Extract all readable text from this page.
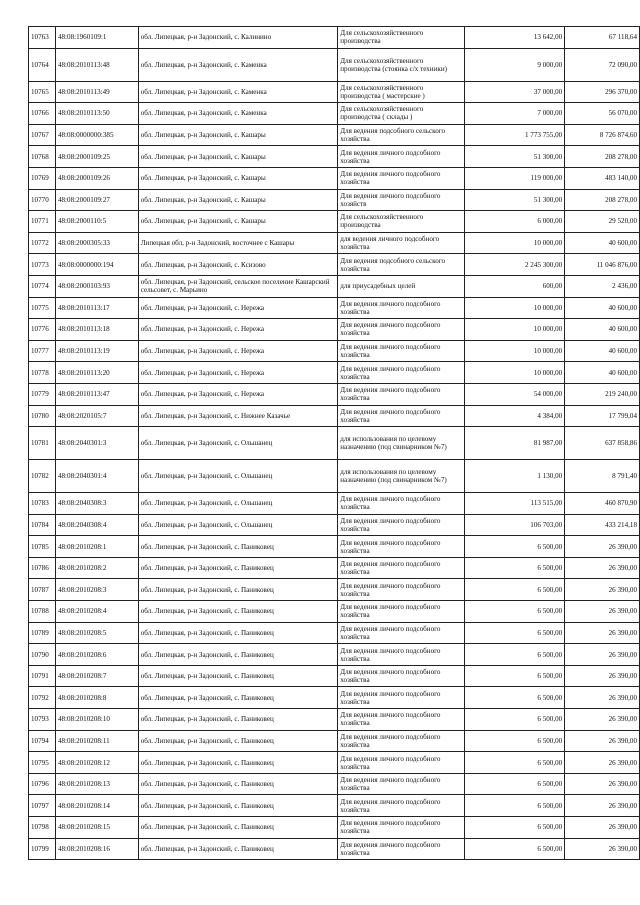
10763	48:08:1960109:1	обл. Липецкая, р-н Задонский, с. Калинино	Для сельскохозяйственного производства	13 642,00	67 118,64
10764	48:08:2010113:48	обл. Липецкая, р-н Задонский, с. Каменка	Для сельскохозяйственного производства (стоянка с/х техники)	9 000,00	72 090,00
10765	48:08:2010113:49	обл. Липецкая, р-н Задонский, с. Каменка	Для сельскохозяйственного производства ( мастерские )	37 000,00	296 370,00
10766	48:08:2010113:50	обл. Липецкая, р-н Задонский, с. Каменка	Для сельскохозяйственного производства ( склады )	7 000,00	56 070,00
10767	48:08:0000000:385	обл. Липецкая, р-н Задонский, с. Кашары	Для ведения подсобного сельского хозяйства	1 773 755,00	8 726 874,60
10768	48:08:2000109:25	обл. Липецкая, р-н Задонский, с. Кашары	Для ведения личного подсобного хозяйства	51 300,00	208 278,00
10769	48:08:2000109:26	обл. Липецкая, р-н Задонский, с. Кашары	Для ведения личного подсобного хозяйства	119 000,00	483 140,00
10770	48:08:2000109:27	обл. Липецкая, р-н Задонский, с. Кашары	Для ведения личного подсобного хозяйств	51 300,00	208 278,00
10771	48:08:2000110:5	обл. Липецкая, р-н Задонский, с. Кашары	Для сельскохозяйственного производства	6 000,00	29 520,00
10772	48:08:2000305:33	Липецкая обл, р-н Задонский, восточнее с Кашары	для ведения личного подсобного хозяйства	10 000,00	40 600,00
10773	48:08:0000000:194	обл. Липецкая, р-н Задонский, с. Ксизово	Для ведения подсобного сельского хозяйства	2 245 300,00	11 046 876,00
10774	48:08:2000103:93	обл. Липецкая, р-н Задонский, сельское поселение Кашарский сельсовет, с. Марьино	для приусадебных целей	600,00	2 436,00
10775	48:08:2010113:17	обл. Липецкая, р-н Задонский, с. Нережа	Для ведения личного подсобного хозяйства	10 000,00	40 600,00
10776	48:08:2010113:18	обл. Липецкая, р-н Задонский, с. Нережа	Для ведения личного подсобного хозяйства	10 000,00	40 600,00
10777	48:08:2010113:19	обл. Липецкая, р-н Задонский, с. Нережа	Для ведения личного подсобного хозяйства	10 000,00	40 600,00
10778	48:08:2010113:20	обл. Липецкая, р-н Задонский, с. Нережа	Для ведения личного подсобного хозяйства	10 000,00	40 600,00
10779	48:08:2010113:47	обл. Липецкая, р-н Задонский, с. Нережа	Для ведения личного подсобного хозяйства	54 000,00	219 240,00
10780	48:08:2020105:7	обл. Липецкая, р-н Задонский, с. Нижнее Казачье	Для ведения личного подсобного хозяйства	4 384,00	17 799,04
10781	48:08:2040301:3	обл. Липецкая, р-н Задонский, с. Ольшанец	для использования по целевому назначению (под свинарником №7)	81 987,00	637 858,86
10782	48:08:2040301:4	обл. Липецкая, р-н Задонский, с. Ольшанец	для использования по целевому назначению (под свинарником №7)	1 130,00	8 791,40
10783	48:08:2040308:3	обл. Липецкая, р-н Задонский, с. Ольшанец	Для ведения личного подсобного хозяйства	113 515,00	460 870,90
10784	48:08:2040308:4	обл. Липецкая, р-н Задонский, с. Ольшанец	Для ведения личного подсобного хозяйства	106 703,00	433 214,18
10785	48:08:2010208:1	обл. Липецкая, р-н Задонский, с. Паниковец	Для ведения личного подсобного хозяйства	6 500,00	26 390,00
10786	48:08:2010208:2	обл. Липецкая, р-н Задонский, с. Паниковец	Для ведения личного подсобного хозяйства	6 500,00	26 390,00
10787	48:08:2010208:3	обл. Липецкая, р-н Задонский, с. Паниковец	Для ведения личного подсобного хозяйства	6 500,00	26 390,00
10788	48:08:2010208:4	обл. Липецкая, р-н Задонский, с. Паниковец	Для ведения личного подсобного хозяйства	6 500,00	26 390,00
10789	48:08:2010208:5	обл. Липецкая, р-н Задонский, с. Паниковец	Для ведения личного подсобного хозяйства	6 500,00	26 390,00
10790	48:08:2010208:6	обл. Липецкая, р-н Задонский, с. Паниковец	Для ведения личного подсобного хозяйства	6 500,00	26 390,00
10791	48:08:2010208:7	обл. Липецкая, р-н Задонский, с. Паниковец	Для ведения личного подсобного хозяйства	6 500,00	26 390,00
10792	48:08:2010208:8	обл. Липецкая, р-н Задонский, с. Паниковец	Для ведения личного подсобного хозяйства	6 500,00	26 390,00
10793	48:08:2010208:10	обл. Липецкая, р-н Задонский, с. Паниковец	Для ведения личного подсобного хозяйства	6 500,00	26 390,00
10794	48:08:2010208:11	обл. Липецкая, р-н Задонский, с. Паниковец	Для ведения личного подсобного хозяйства	6 500,00	26 390,00
10795	48:08:2010208:12	обл. Липецкая, р-н Задонский, с. Паниковец	Для ведения личного подсобного хозяйства	6 500,00	26 390,00
10796	48:08:2010208:13	обл. Липецкая, р-н Задонский, с. Паниковец	Для ведения личного подсобного хозяйства	6 500,00	26 390,00
10797	48:08:2010208:14	обл. Липецкая, р-н Задонский, с. Паниковец	Для ведения личного подсобного хозяйства	6 500,00	26 390,00
10798	48:08:2010208:15	обл. Липецкая, р-н Задонский, с. Паниковец	Для ведения личного подсобного хозяйства	6 500,00	26 390,00
10799	48:08:2010208:16	обл. Липецкая, р-н Задонский, с. Паниковец	Для ведения личного подсобного хозяйства	6 500,00	26 390,00
